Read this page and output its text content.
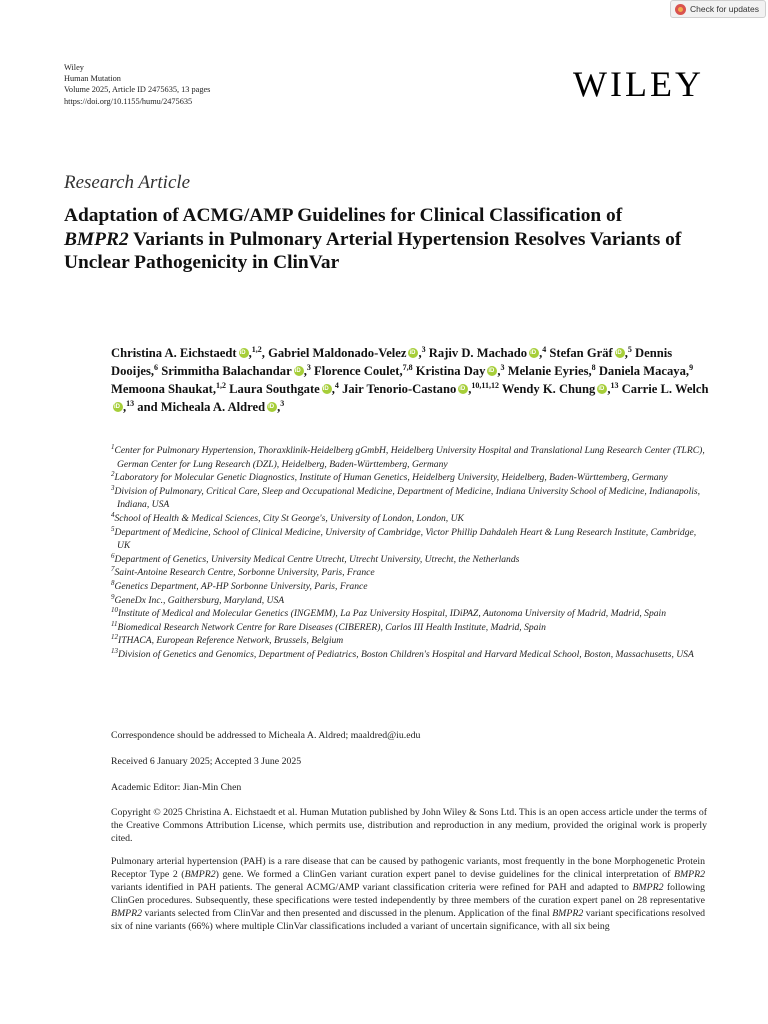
Check for updates
Wiley
Human Mutation
Volume 2025, Article ID 2475635, 13 pages
https://doi.org/10.1155/humu/2475635	WILEY
Research Article
Adaptation of ACMG/AMP Guidelines for Clinical Classification of BMPR2 Variants in Pulmonary Arterial Hypertension Resolves Variants of Unclear Pathogenicity in ClinVar
Christina A. Eichstaedt iD ,$^{1,2}$, Gabriel Maldonado-Velez iD ,$^3$ Rajiv D. Machado iD ,$^4$ Stefan Gräf iD ,$^5$ Dennis Dooijes,$^6$ Srimmitha Balachandar iD ,$^3$ Florence Coulet,$^{7,8}$ Kristina Day iD ,$^3$ Melanie Eyries,$^8$ Daniela Macaya,$^9$ Memoona Shaukat,$^{1,2}$ Laura Southgate iD ,$^4$ Jair Tenorio-Castano iD ,$^{10,11,12}$ Wendy K. Chung iD ,$^{13}$ Carrie L. WelchiD,$^{13}$ and Micheala A. Aldred iD ,$^3$
$^1$Center for Pulmonary Hypertension, Thoraxklinik-Heidelberg gGmbH, Heidelberg University Hospital and Translational Lung Research Center (TLRC), German Center for Lung Research (DZL), Heidelberg, Baden-Württemberg, Germany
$^2$Laboratory for Molecular Genetic Diagnostics, Institute of Human Genetics, Heidelberg University, Heidelberg, Baden-Württemberg, Germany
$^3$Division of Pulmonary, Critical Care, Sleep and Occupational Medicine, Department of Medicine, Indiana University School of Medicine, Indianapolis, Indiana, USA
$^4$School of Health & Medical Sciences, City St George's, University of London, London, UK
$^5$Department of Medicine, School of Clinical Medicine, University of Cambridge, Victor Phillip Dahdaleh Heart & Lung Research Institute, Cambridge, UK
$^6$Department of Genetics, University Medical Centre Utrecht, Utrecht University, Utrecht, the Netherlands
$^7$Saint-Antoine Research Centre, Sorbonne University, Paris, France
$^8$Genetics Department, AP-HP Sorbonne University, Paris, France
$^9$GeneDx Inc., Gaithersburg, Maryland, USA
$^{10}$Institute of Medical and Molecular Genetics (INGEMM), La Paz University Hospital, IDiPAZ, Autonoma University of Madrid, Madrid, Spain
$^{11}$Biomedical Research Network Centre for Rare Diseases (CIBERER), Carlos III Health Institute, Madrid, Spain
$^{12}$ITHACA, European Reference Network, Brussels, Belgium
$^{13}$Division of Genetics and Genomics, Department of Pediatrics, Boston Children's Hospital and Harvard Medical School, Boston, Massachusetts, USA
Correspondence should be addressed to Micheala A. Aldred; maaldred@iu.edu
Received 6 January 2025; Accepted 3 June 2025
Academic Editor: Jian-Min Chen
Copyright © 2025 Christina A. Eichstaedt et al. Human Mutation published by John Wiley & Sons Ltd. This is an open access article under the terms of the Creative Commons Attribution License, which permits use, distribution and reproduction in any medium, provided the original work is properly cited.
Pulmonary arterial hypertension (PAH) is a rare disease that can be caused by pathogenic variants, most frequently in the bone Morphogenetic Protein Receptor Type 2 (BMPR2) gene. We formed a ClinGen variant curation expert panel to devise guidelines for the clinical interpretation of BMPR2 variants identified in PAH patients. The general ACMG/AMP variant classification criteria were refined for PAH and adapted to BMPR2 following ClinGen procedures. Subsequently, these specifications were tested independently by three members of the curation expert panel on 28 representative BMPR2 variants selected from ClinVar and then presented and discussed in the plenum. Application of the final BMPR2 variant specifications resolved six of nine variants (66%) where multiple ClinVar classifications included a variant of uncertain significance, with all six being
